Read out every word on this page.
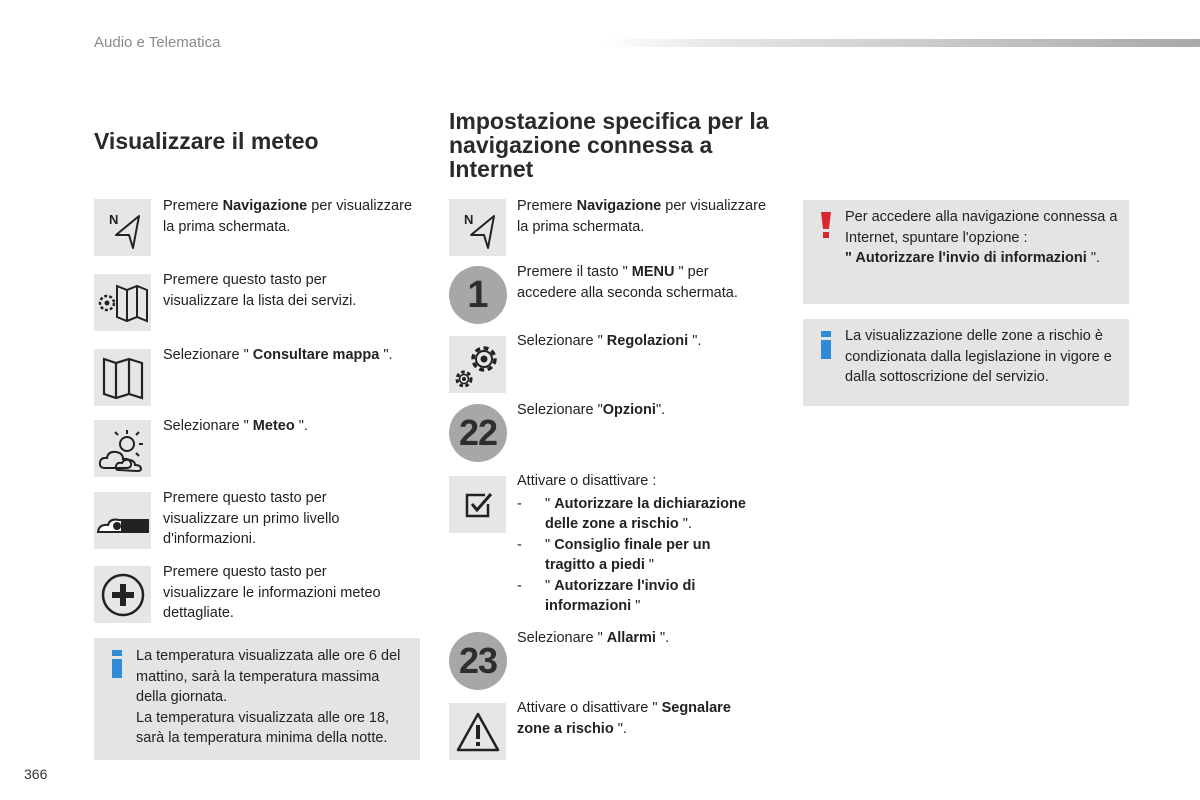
Audio e Telematica
Visualizzare il meteo
N
Premere Navigazione per visualizzare la prima schermata.
Premere questo tasto per visualizzare la lista dei servizi.
Selezionare " Consultare mappa ".
Selezionare " Meteo ".
Premere questo tasto per visualizzare un primo livello d'informazioni.
Premere questo tasto per visualizzare le informazioni meteo dettagliate.
La temperatura visualizzata alle ore 6 del mattino, sarà la temperatura massima della giornata.
La temperatura visualizzata alle ore 18, sarà la temperatura minima della notte.
366
Impostazione specifica per la navigazione connessa a Internet
N
Premere Navigazione per visualizzare la prima schermata.
1
Premere il tasto " MENU " per accedere alla seconda schermata.
Selezionare " Regolazioni ".
22
Selezionare "Opzioni".
Attivare o disattivare :
-	" Autorizzare la dichiarazione delle zone a rischio ".
-	" Consiglio finale per un tragitto a piedi "
-	" Autorizzare l'invio di informazioni "
23
Selezionare " Allarmi ".
Attivare o disattivare " Segnalare zone a rischio ".
Per accedere alla navigazione connessa a Internet, spuntare l'opzione :
" Autorizzare l'invio di informazioni ".
La visualizzazione delle zone a rischio è condizionata dalla legislazione in vigore e dalla sottoscrizione del servizio.
